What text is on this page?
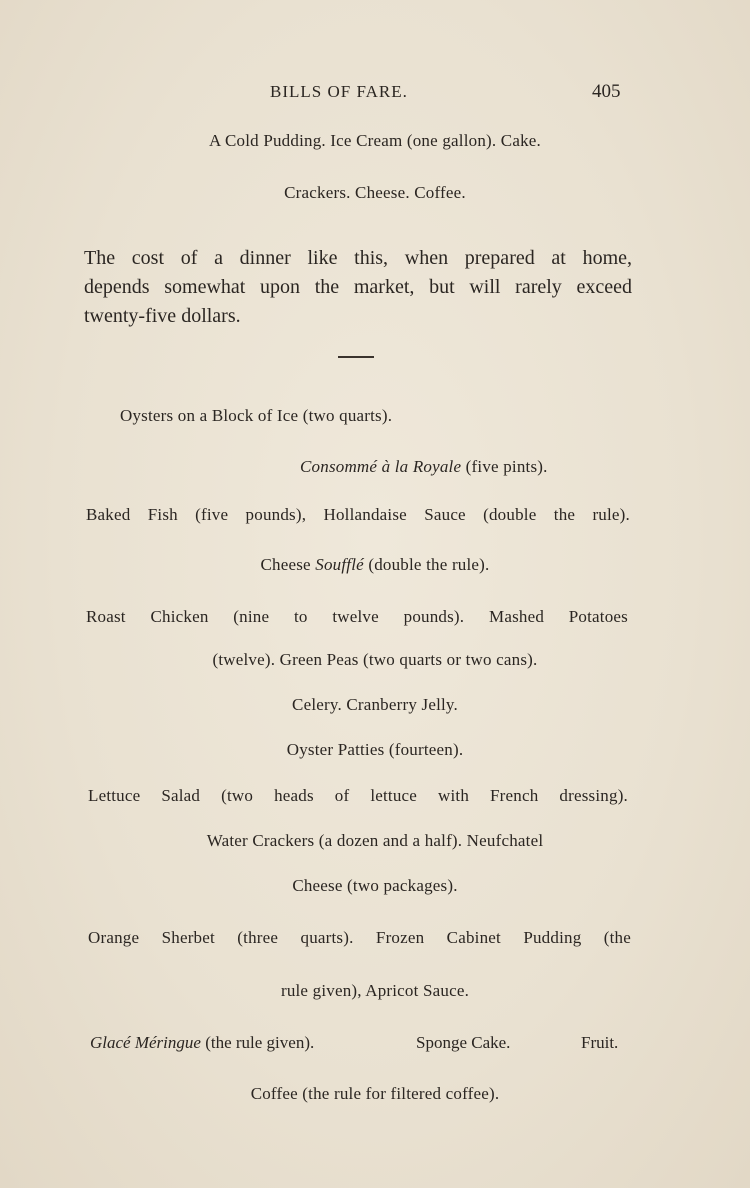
BILLS OF FARE.	405
A Cold Pudding. Ice Cream (one gallon). Cake.
Crackers. Cheese. Coffee.
The cost of a dinner like this, when prepared at home,
depends somewhat upon the market, but will rarely exceed
twenty-five dollars.
Oysters on a Block of Ice (two quarts).
Consommé à la Royale (five pints).
Baked Fish (five pounds), Hollandaise Sauce (double the rule).
Cheese Soufflé (double the rule).
Roast Chicken (nine to twelve pounds). Mashed Potatoes
(twelve). Green Peas (two quarts or two cans).
Celery. Cranberry Jelly.
Oyster Patties (fourteen).
Lettuce Salad (two heads of lettuce with French dressing).
Water Crackers (a dozen and a half). Neufchatel
Cheese (two packages).
Orange Sherbet (three quarts). Frozen Cabinet Pudding (the
rule given), Apricot Sauce.
Glacé Méringue (the rule given).	Sponge Cake.	Fruit.
Coffee (the rule for filtered coffee).
